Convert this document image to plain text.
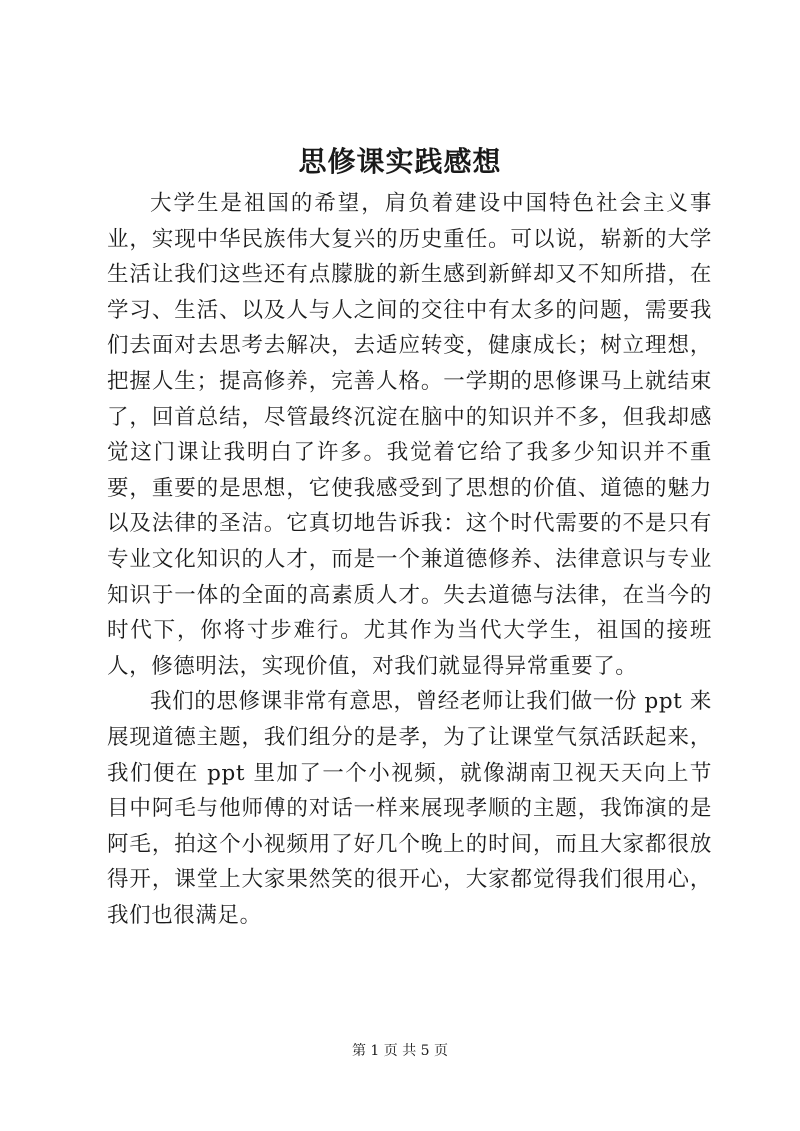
思修课实践感想

大学生是祖国的希望，肩负着建设中国特色社会主义事业，实现中华民族伟大复兴的历史重任。可以说，崭新的大学生活让我们这些还有点朦胧的新生感到新鲜却又不知所措，在学习、生活、以及人与人之间的交往中有太多的问题，需要我们去面对去思考去解决，去适应转变，健康成长；树立理想，把握人生；提高修养，完善人格。一学期的思修课马上就结束了，回首总结，尽管最终沉淀在脑中的知识并不多，但我却感觉这门课让我明白了许多。我觉着它给了我多少知识并不重要，重要的是思想，它使我感受到了思想的价值、道德的魅力以及法律的圣洁。它真切地告诉我：这个时代需要的不是只有专业文化知识的人才，而是一个兼道德修养、法律意识与专业知识于一体的全面的高素质人才。失去道德与法律，在当今的时代下，你将寸步难行。尤其作为当代大学生，祖国的接班人，修德明法，实现价值，对我们就显得异常重要了。

我们的思修课非常有意思，曾经老师让我们做一份 ppt 来展现道德主题，我们组分的是孝，为了让课堂气氛活跃起来，我们便在 ppt 里加了一个小视频，就像湖南卫视天天向上节目中阿毛与他师傅的对话一样来展现孝顺的主题，我饰演的是阿毛，拍这个小视频用了好几个晚上的时间，而且大家都很放得开，课堂上大家果然笑的很开心，大家都觉得我们很用心，我们也很满足。

第 1 页 共 5 页
